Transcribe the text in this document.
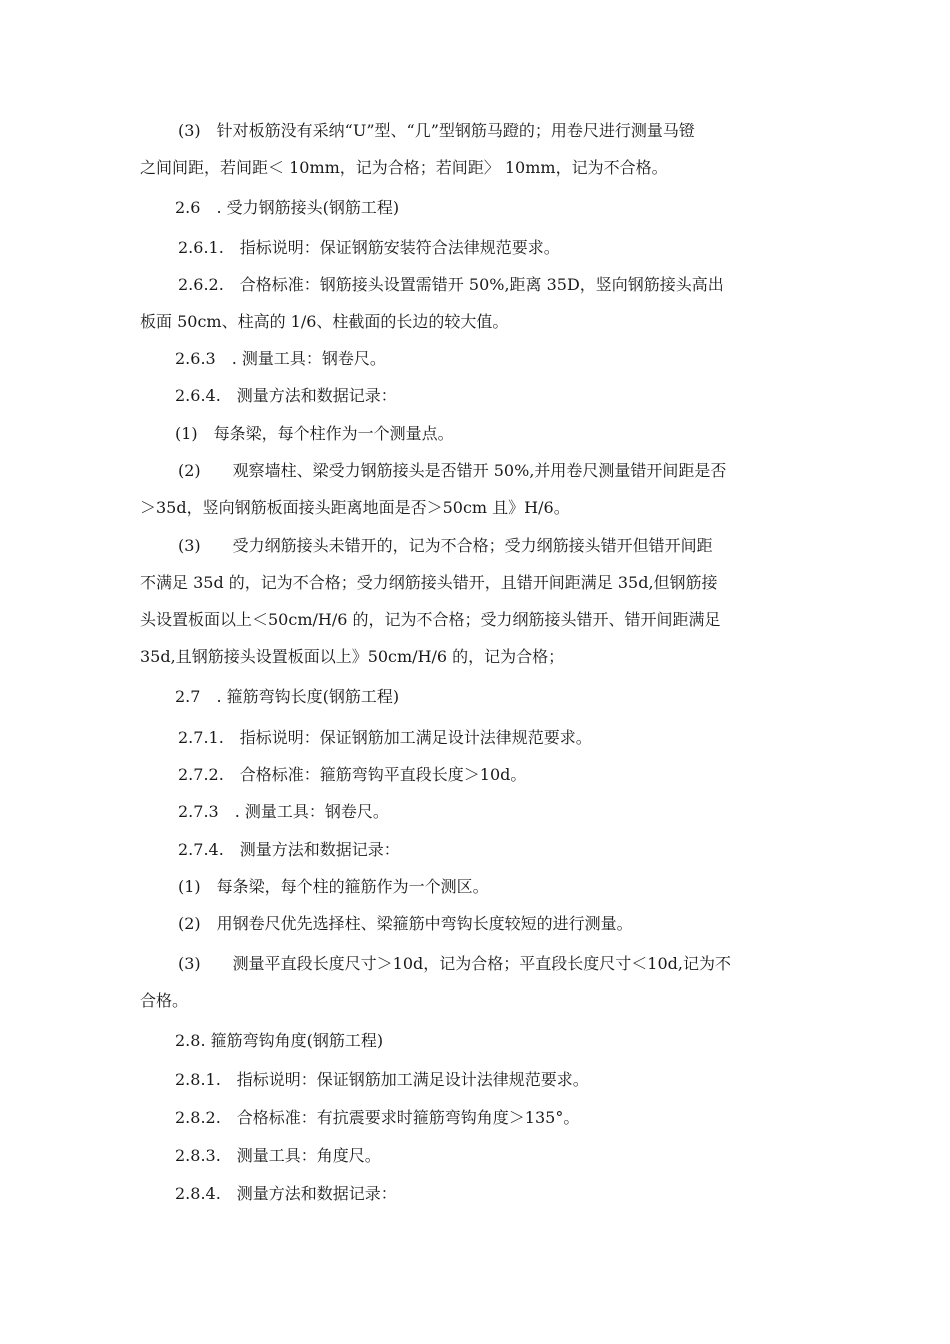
(3)　针对板筋没有采纳“U”型、“几”型钢筋马蹬的；用卷尺进行测量马镫
之间间距，若间距＜ 10mm，记为合格；若间距〉 10mm，记为不合格。
2.6　. 受力钢筋接头(钢筋工程)
2.6.1.　指标说明：保证钢筋安装符合法律规范要求。
2.6.2.　合格标准：钢筋接头设置需错开 50%,距离 35D，竖向钢筋接头高出
板面 50cm、柱高的 1/6、柱截面的长边的较大值。
2.6.3　. 测量工具：钢卷尺。
2.6.4.　测量方法和数据记录：
(1)　每条梁，每个柱作为一个测量点。
(2)　　观察墙柱、梁受力钢筋接头是否错开 50%,并用卷尺测量错开间距是否
＞35d，竖向钢筋板面接头距离地面是否＞50cm 且》H/6。
(3)　　受力纲筋接头未错开的，记为不合格；受力纲筋接头错开但错开间距
不满足 35d 的，记为不合格；受力纲筋接头错开，且错开间距满足 35d,但钢筋接
头设置板面以上＜50cm/H/6 的，记为不合格；受力纲筋接头错开、错开间距满足
35d,且钢筋接头设置板面以上》50cm/H/6 的，记为合格；
2.7　. 箍筋弯钩长度(钢筋工程)
2.7.1.　指标说明：保证钢筋加工满足设计法律规范要求。
2.7.2.　合格标准：箍筋弯钩平直段长度＞10d。
2.7.3　. 测量工具：钢卷尺。
2.7.4.　测量方法和数据记录：
(1)　每条梁，每个柱的箍筋作为一个测区。
(2)　用钢卷尺优先选择柱、梁箍筋中弯钩长度较短的进行测量。
(3)　　测量平直段长度尺寸＞10d，记为合格；平直段长度尺寸＜10d,记为不
合格。
2.8. 箍筋弯钩角度(钢筋工程)
2.8.1.　指标说明：保证钢筋加工满足设计法律规范要求。
2.8.2.　合格标准：有抗震要求时箍筋弯钩角度＞135°。
2.8.3.　测量工具：角度尺。
2.8.4.　测量方法和数据记录：
